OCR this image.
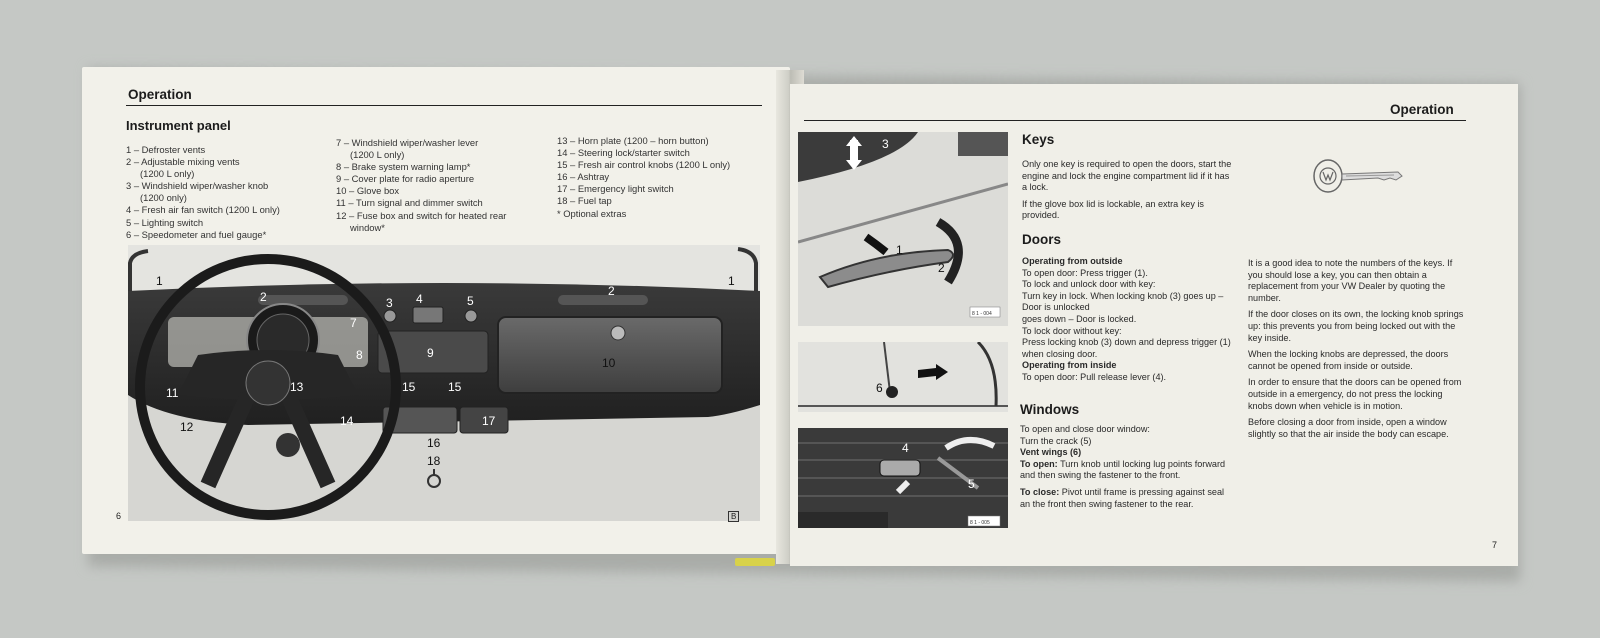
Operation
Instrument panel
1 – Defroster vents
2 – Adjustable mixing vents
(1200 L only)
3 – Windshield wiper/washer knob
(1200 only)
4 – Fresh air fan switch (1200 L only)
5 – Lighting switch
6 – Speedometer and fuel gauge*
7 – Windshield wiper/washer lever
(1200 L only)
8 – Brake system warning lamp*
9 – Cover plate for radio aperture
10 – Glove box
11 – Turn signal and dimmer switch
12 – Fuse box and switch for heated rear
window*
13 – Horn plate (1200 – horn button)
14 – Steering lock/starter switch
15 – Fresh air control knobs (1200 L only)
16 – Ashtray
17 – Emergency light switch
18 – Fuel tap
* Optional extras
1
2	3 4	5
2
1
7
8	9
10
11
12
13
14
15	15
17
16
18
6	B
Operation
8 1 - 004
3
1
2
6
8 1 - 005
4
5
Keys

Only one key is required to open the doors, start the engine and lock the engine compartment lid if it has a lock.

If the glove box lid is lockable, an extra key is provided.

Doors
Operating from outside
To open door: Press trigger (1).
To lock and unlock door with key:
Turn key in lock. When locking knob (3) goes up – Door is unlocked
goes down – Door is locked.
To lock door without key:
Press locking knob (3) down and depress trigger (1) when closing door.
Operating from inside
To open door: Pull release lever (4).
Windows
To open and close door window:
Turn the crack (5)
Vent wings (6)
To open: Turn knob until locking lug points forward and then swing the fastener to the front.
To close: Pivot until frame is pressing against seal an the front then swing fastener to the rear.

It is a good idea to note the numbers of the keys. If you should lose a key, you can then obtain a replacement from your VW Dealer by quoting the number.

If the door closes on its own, the locking knob springs up: this prevents you from being locked out with the key inside.

When the locking knobs are depressed, the doors cannot be opened from inside or outside.

In order to ensure that the doors can be opened from outside in a emergency, do not press the locking knobs down when vehicle is in motion.

Before closing a door from inside, open a window slightly so that the air inside the body can escape.

7
